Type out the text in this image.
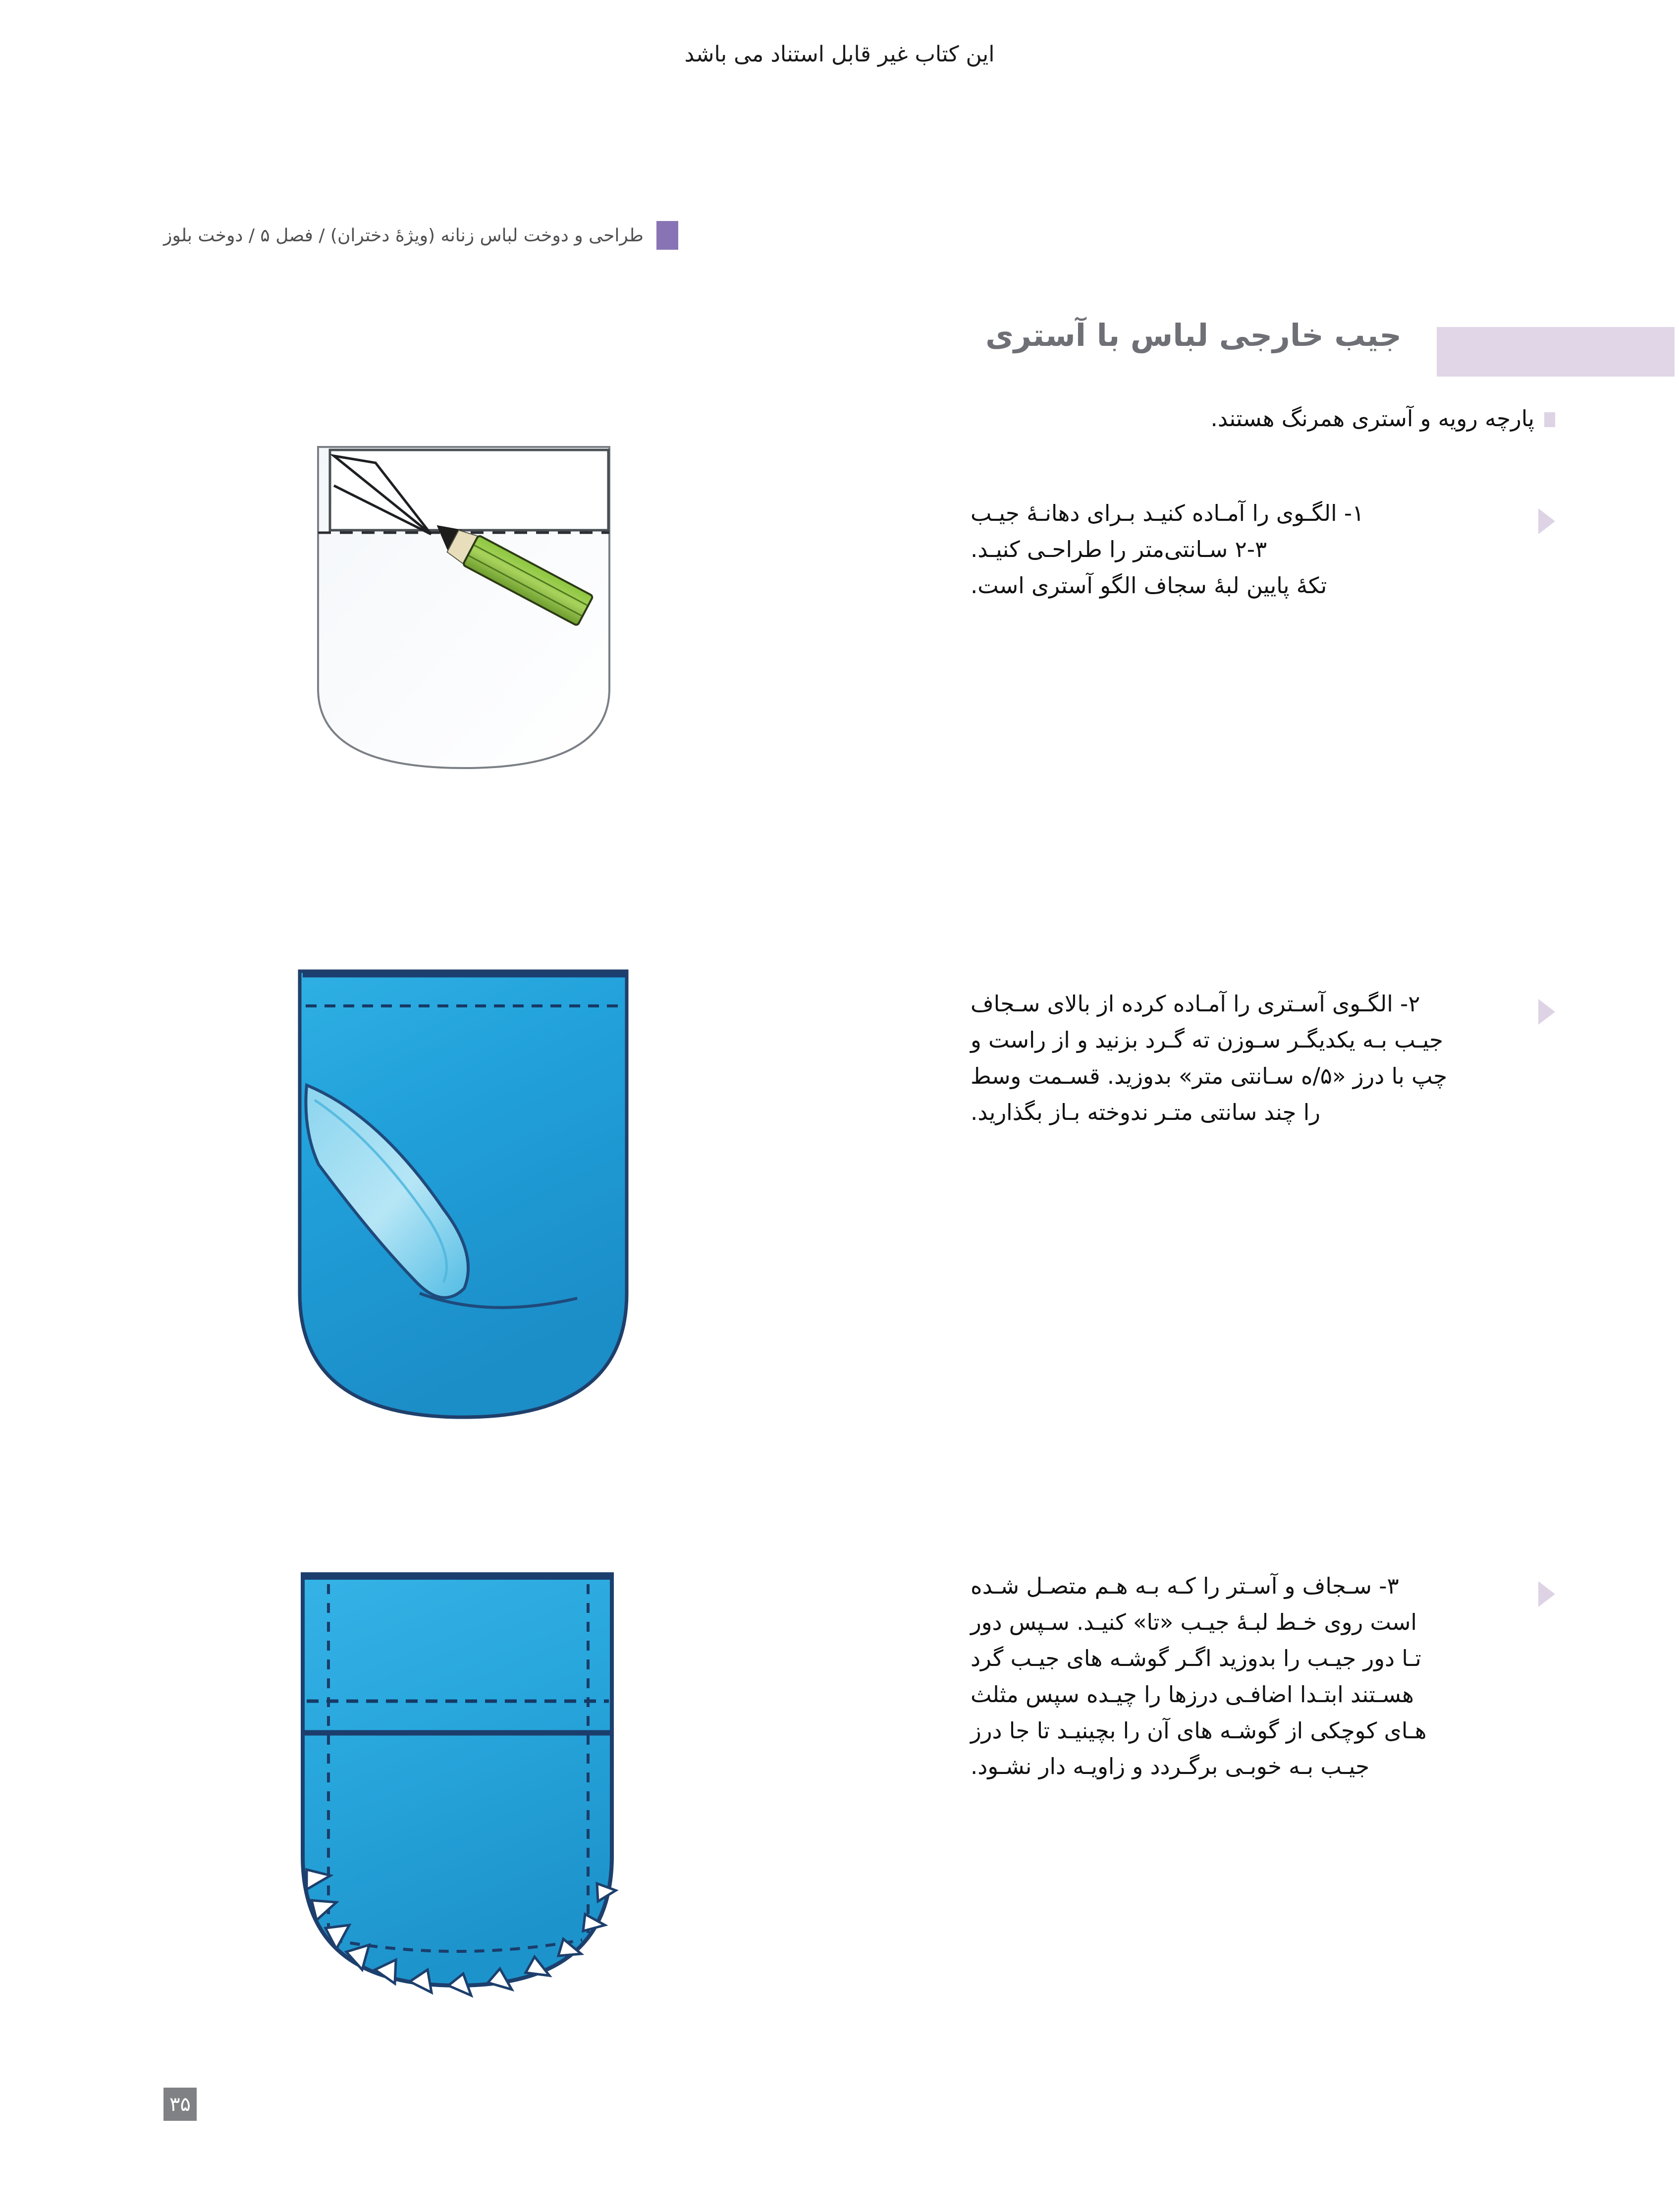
این کتاب غیر قابل استناد می باشد
طراحی و دوخت لباس زنانه (ویژهٔ دختران) / فصل ۵ / دوخت بلوز
جیب خارجی لباس با آستری
پارچه رویه و آستری همرنگ هستند.

۱- الگـوی را آمـاده کنیـد بـرای دهانـهٔ جیـب

۲-۳ سـانتی‌متر را طراحـی کنیـد.

تکهٔ پایین لبهٔ سجاف الگو آستری است.

۲- الگـوی آسـتری را آمـاده کرده از بالای سـجاف

جیـب بـه یکدیگـر سـوزن ته گـرد بزنید و از راست و

چپ با درز «۵/ه سـانتی متر» بدوزید. قسـمت وسط

را چند سانتی متـر ندوخته بـاز بگذارید.

۳- سـجاف و آسـتر را کـه بـه هـم متصـل شـده

است روی خـط لبـهٔ جیـب «تا» کنیـد. سـپس دور

تـا دور جیـب را بدوزید اگـر گوشـه های جیـب گرد

هسـتند ابتـدا اضافـی درزها را چیـده سپس مثلث

هـای کوچکی از گوشـه های آن را بچینیـد تا جا درز

جیـب بـه خوبـی برگـردد و زاویـه دار نشـود.

۳۵
